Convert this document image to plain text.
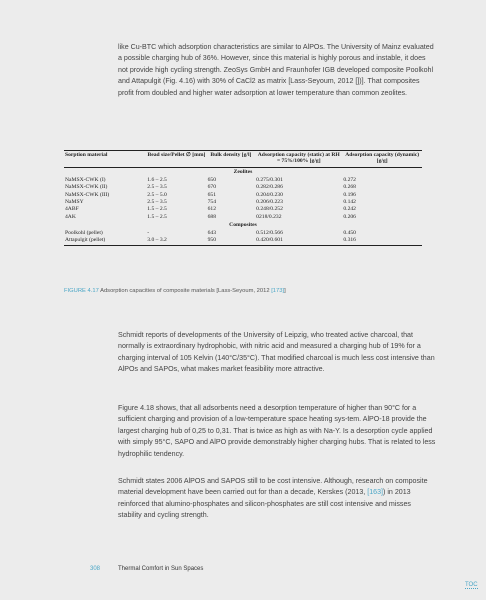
like Cu-BTC which adsorption characteristics are similar to AlPOs. The University of Mainz evaluated a possible charging hub of 36%. However, since this material is highly porous and instable, it does not provide high cycling strength. ZeoSys GmbH and Fraunhofer IGB developed composite Poolkohl and Attapulgit (Fig. 4.16) with 30% of CaCl2 as matrix [Lass-Seyoum, 2012 [])]. That composites profit from doubled and higher water adsorption at lower temperature than common zeolites.

Sorption material	Bead size/Pellet ∅ [mm]	Bulk density [g/l]	Adsorption capacity (static) at RH = 75%/100% [g/g]	Adsorption capacity (dynamic) [g/g]
Zeolites				
NaMSX-CWK (I)	1.6 – 2.5	650	0.275/0.301	0.272
NaMSX-CWK (II)	2.5 – 3.5	670	0.282/0.286	0.268
NaMSX-CWK (III)	2.5 – 5.0	651	0.204/0.230	0.196
NaMSY	2.5 – 3.5	754	0.206/0.223	0.142
4ABF	1.5 – 2.5	612	0.248/0.252	0.242
4AK	1.5 – 2.5	688	0218/0.232	0.206
Composites				
Poolkohl (pellet)	-	643	0.512/0.566	0.450
Attapulgit (pellet)	3.0 – 3.2	950	0.420/0.601	0.316
FIGURE 4.17 Adsorption capacities of composite materials [Lass-Seyoum, 2012 [173]]

Schmidt reports of developments of the University of Leipzig, who treated active charcoal, that normally is extraordinary hydrophobic, with nitric acid and measured a charging hub of 19% for a charging interval of 105 Kelvin (140°C/35°C). That modified charcoal is much less cost intensive than AlPOs and SAPOs, what makes market feasibility more attractive.

Figure 4.18 shows, that all adsorbents need a desorption temperature of higher than 90°C for a sufficient charging and provision of a low-temperature space heating sys-tem. AlPO-18 provide the largest charging hub of 0,25 to 0,31. That is twice as high as with Na-Y. Is a desorption cycle applied with simply 95°C, SAPO and AlPO provide demonstrably higher charging hubs. That is related to less hydrophilic tendency.

Schmidt states 2006 AlPOS and SAPOS still to be cost intensive. Although, research on composite material development have been carried out for than a decade, Kerskes (2013, [163]) in 2013 reinforced that alumino-phosphates and silicon-phosphates are still cost intensive and misses stability and cycling strength.

308	Thermal Comfort in Sun Spaces
TOC
